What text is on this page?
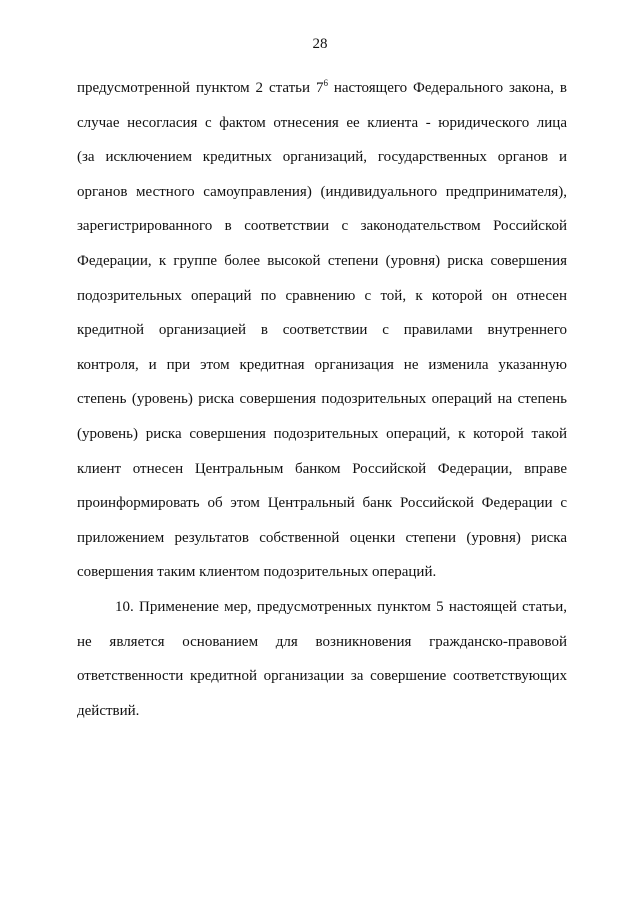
28
предусмотренной пунктом 2 статьи $7^6$ настоящего Федерального закона, в
случае несогласия с фактом отнесения ее клиента - юридического лица
(за исключением кредитных организаций, государственных органов и
органов местного самоуправления) (индивидуального предпринимателя),
зарегистрированного в соответствии с законодательством Российской
Федерации, к группе более высокой степени (уровня) риска совершения
подозрительных операций по сравнению с той, к которой он отнесен
кредитной организацией в соответствии с правилами внутреннего
контроля, и при этом кредитная организация не изменила указанную
степень (уровень) риска совершения подозрительных операций на степень
(уровень) риска совершения подозрительных операций, к которой такой
клиент отнесен Центральным банком Российской Федерации, вправе
проинформировать об этом Центральный банк Российской Федерации с
приложением результатов собственной оценки степени (уровня) риска
совершения таким клиентом подозрительных операций.
10. Применение мер, предусмотренных пунктом 5 настоящей статьи,
не является основанием для возникновения гражданско-правовой
ответственности кредитной организации за совершение соответствующих
действий.
